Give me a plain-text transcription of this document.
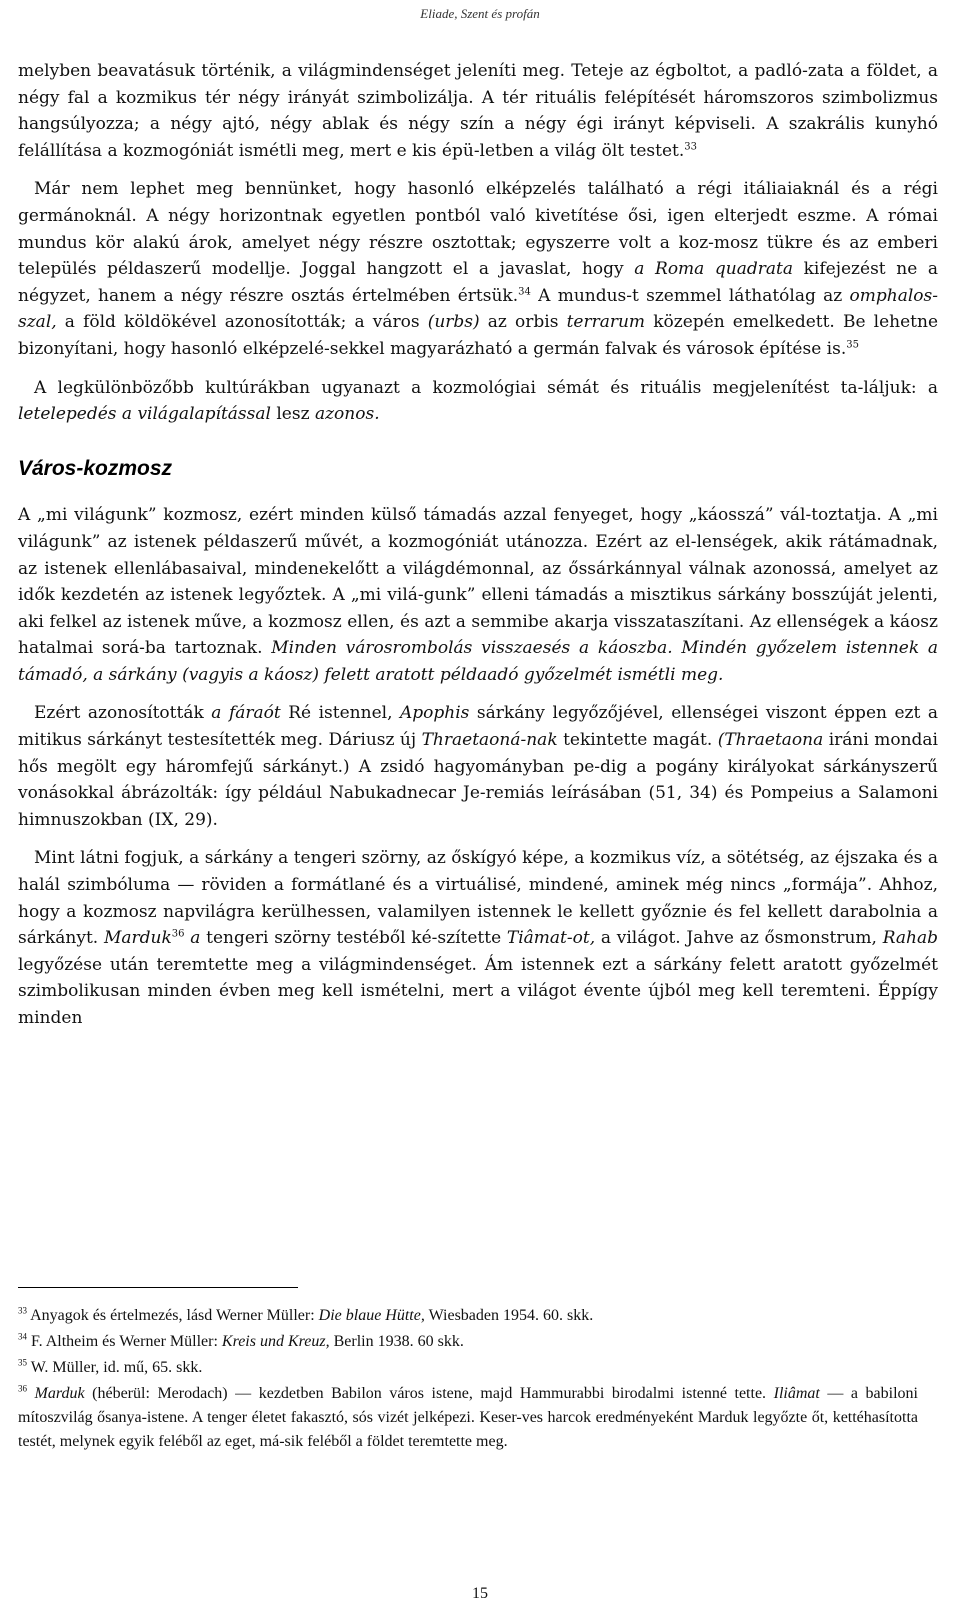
Eliade, Szent és profán

melyben beavatásuk történik, a világmindenséget jeleníti meg. Teteje az égboltot, a padló-zata a földet, a négy fal a kozmikus tér négy irányát szimbolizálja. A tér rituális felépítését háromszoros szimbolizmus hangsúlyozza; a négy ajtó, négy ablak és négy szín a négy égi irányt képviseli. A szakrális kunyhó felállítása a kozmogóniát ismétli meg, mert e kis épü-letben a világ ölt testet.$^{33}$

Már nem lephet meg bennünket, hogy hasonló elképzelés található a régi itáliaiaknál és a régi germánoknál. A négy horizontnak egyetlen pontból való kivetítése ősi, igen elterjedt eszme. A római mundus kör alakú árok, amelyet négy részre osztottak; egyszerre volt a koz-mosz tükre és az emberi település példaszerű modellje. Joggal hangzott el a javaslat, hogy a Roma quadrata kifejezést ne a négyzet, hanem a négy részre osztás értelmében értsük.$^{34}$ A mundus-t szemmel láthatólag az omphalos-szal, a föld köldökével azonosították; a város (urbs) az orbis terrarum közepén emelkedett. Be lehetne bizonyítani, hogy hasonló elképzelé-sekkel magyarázható a germán falvak és városok építése is.$^{35}$

A legkülönbözőbb kultúrákban ugyanazt a kozmológiai sémát és rituális megjelenítést ta-láljuk: a letelepedés a világalapítással lesz azonos.

Város-kozmosz

A „mi világunk” kozmosz, ezért minden külső támadás azzal fenyeget, hogy „káosszá” vál-toztatja. A „mi világunk” az istenek példaszerű művét, a kozmogóniát utánozza. Ezért az el-lenségek, akik rátámadnak, az istenek ellenlábasaival, mindenekelőtt a világdémonnal, az őssárkánnyal válnak azonossá, amelyet az idők kezdetén az istenek legyőztek. A „mi vilá-gunk” elleni támadás a misztikus sárkány bosszúját jelenti, aki felkel az istenek műve, a kozmosz ellen, és azt a semmibe akarja visszataszítani. Az ellenségek a káosz hatalmai sorá-ba tartoznak. Minden városrombolás visszaesés a káoszba. Mindén győzelem istennek a támadó, a sárkány (vagyis a káosz) felett aratott példaadó győzelmét ismétli meg.

Ezért azonosították a fáraót Ré istennel, Apophis sárkány legyőzőjével, ellenségei viszont éppen ezt a mitikus sárkányt testesítették meg. Dáriusz új Thraetaoná-nak tekintette magát. (Thraetaona iráni mondai hős megölt egy háromfejű sárkányt.) A zsidó hagyományban pe-dig a pogány királyokat sárkányszerű vonásokkal ábrázolták: így például Nabukadnecar Je-remiás leírásában (51, 34) és Pompeius a Salamoni himnuszokban (IX, 29).

Mint látni fogjuk, a sárkány a tengeri szörny, az őskígyó képe, a kozmikus víz, a sötétség, az éjszaka és a halál szimbóluma — röviden a formátlané és a virtuálisé, mindené, aminek még nincs „formája”. Ahhoz, hogy a kozmosz napvilágra kerülhessen, valamilyen istennek le kellett győznie és fel kellett darabolnia a sárkányt. Marduk$^{36}$ a tengeri szörny testéből ké-szítette Tiâmat-ot, a világot. Jahve az ősmonstrum, Rahab legyőzése után teremtette meg a világmindenséget. Ám istennek ezt a sárkány felett aratott győzelmét szimbolikusan minden évben meg kell ismételni, mert a világot évente újból meg kell teremteni. Éppígy minden

$^{33}$ Anyagok és értelmezés, lásd Werner Müller: Die blaue Hütte, Wiesbaden 1954. 60. skk.

$^{34}$ F. Altheim és Werner Müller: Kreis und Kreuz, Berlin 1938. 60 skk.

$^{35}$ W. Müller, id. mű, 65. skk.

$^{36}$ Marduk (héberül: Merodach) — kezdetben Babilon város istene, majd Hammurabbi birodalmi istenné tette. Iliâmat — a babiloni mítoszvilág ősanya-istene. A tenger életet fakasztó, sós vizét jelképezi. Keser-ves harcok eredményeként Marduk legyőzte őt, kettéhasította testét, melynek egyik feléből az eget, má-sik feléből a földet teremtette meg.

15
